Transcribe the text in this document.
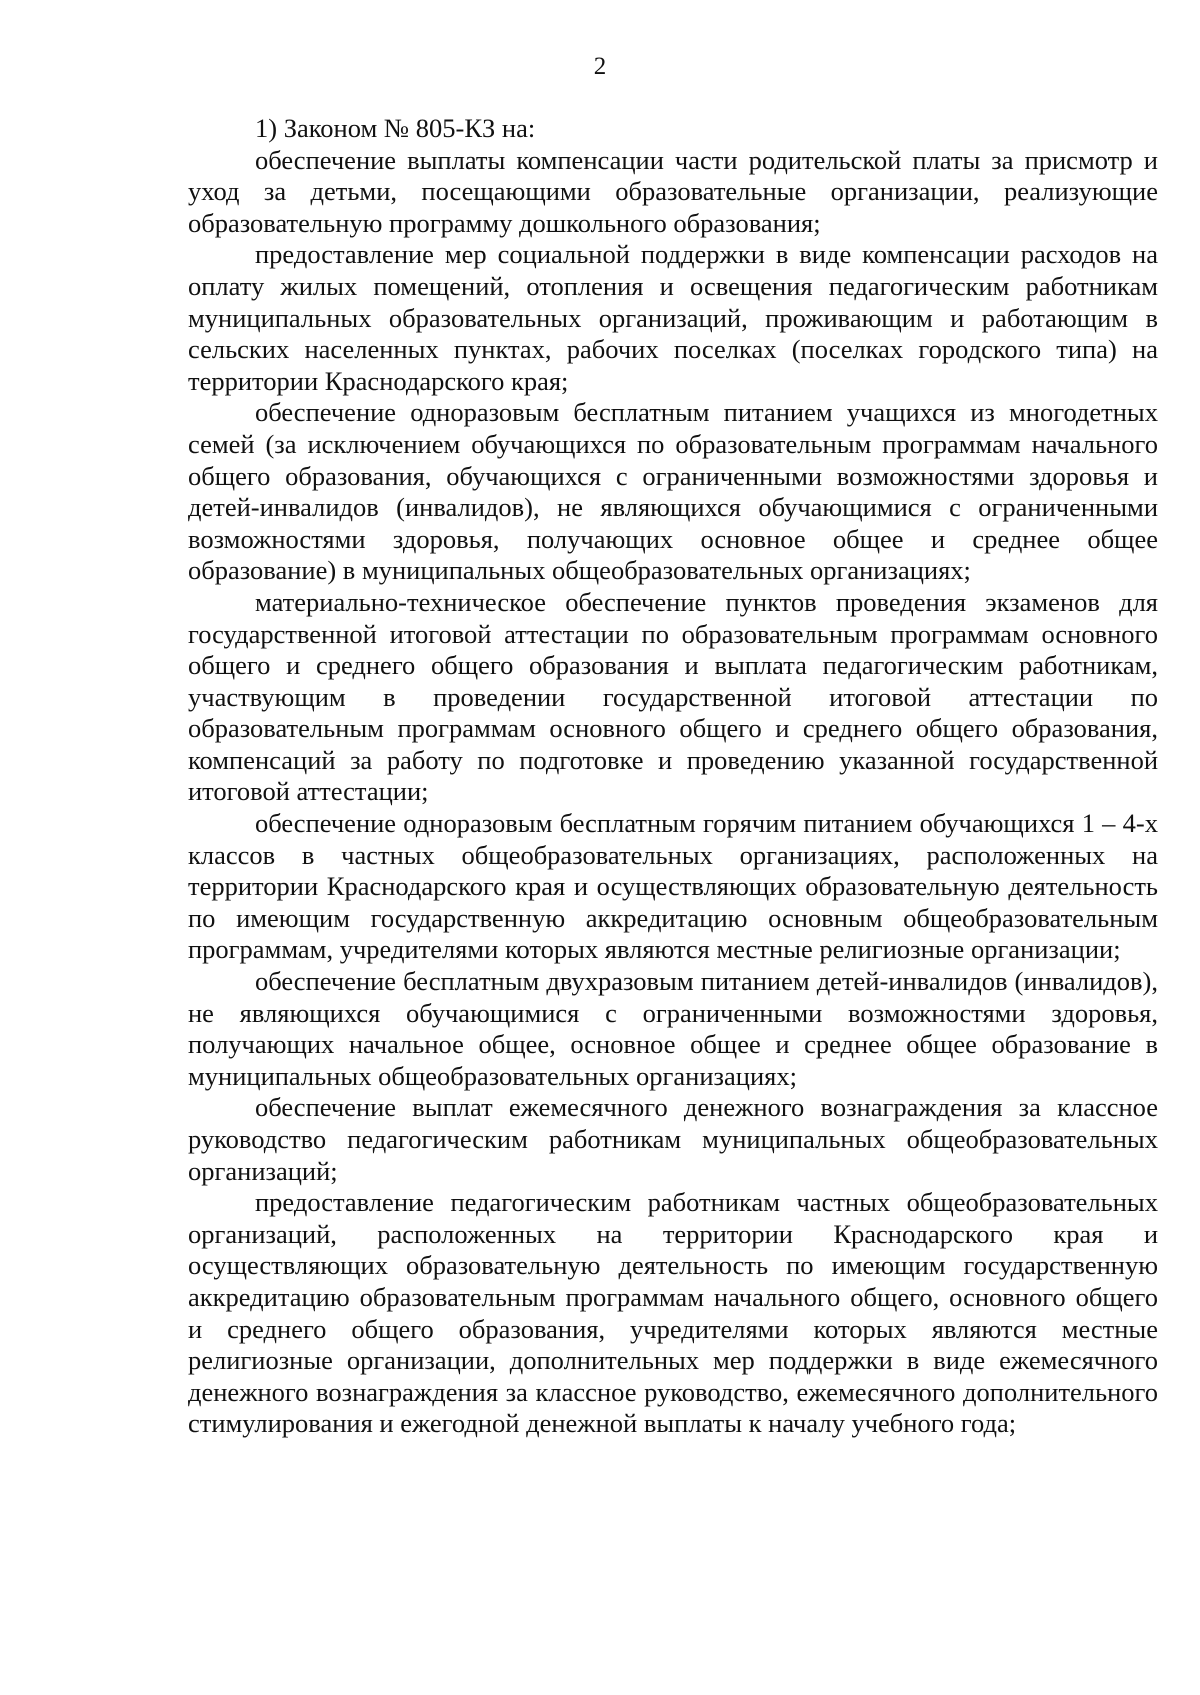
2

1) Законом № 805-КЗ на:

обеспечение выплаты компенсации части родительской платы за присмотр и уход за детьми, посещающими образовательные организации, реализующие образовательную программу дошкольного образования;

предоставление мер социальной поддержки в виде компенсации расходов на оплату жилых помещений, отопления и освещения педагогическим работникам муниципальных образовательных организаций, проживающим и работающим в сельских населенных пунктах, рабочих поселках (поселках городского типа) на территории Краснодарского края;

обеспечение одноразовым бесплатным питанием учащихся из многодетных семей (за исключением обучающихся по образовательным программам начального общего образования, обучающихся с ограниченными возможностями здоровья и детей-инвалидов (инвалидов), не являющихся обучающимися с ограниченными возможностями здоровья, получающих основное общее и среднее общее образование) в муниципальных общеобразовательных организациях;

материально-техническое обеспечение пунктов проведения экзаменов для государственной итоговой аттестации по образовательным программам основного общего и среднего общего образования и выплата педагогическим работникам, участвующим в проведении государственной итоговой аттестации по образовательным программам основного общего и среднего общего образования, компенсаций за работу по подготовке и проведению указанной государственной итоговой аттестации;

обеспечение одноразовым бесплатным горячим питанием обучающихся 1 – 4-х классов в частных общеобразовательных организациях, расположенных на территории Краснодарского края и осуществляющих образовательную деятельность по имеющим государственную аккредитацию основным общеобразовательным программам, учредителями которых являются местные религиозные организации;

обеспечение бесплатным двухразовым питанием детей-инвалидов (инвалидов), не являющихся обучающимися с ограниченными возможностями здоровья, получающих начальное общее, основное общее и среднее общее образование в муниципальных общеобразовательных организациях;

обеспечение выплат ежемесячного денежного вознаграждения за классное руководство педагогическим работникам муниципальных общеобразовательных организаций;

предоставление педагогическим работникам частных общеобразовательных организаций, расположенных на территории Краснодарского края и осуществляющих образовательную деятельность по имеющим государственную аккредитацию образовательным программам начального общего, основного общего и среднего общего образования, учредителями которых являются местные религиозные организации, дополнительных мер поддержки в виде ежемесячного денежного вознаграждения за классное руководство, ежемесячного дополнительного стимулирования и ежегодной денежной выплаты к началу учебного года;
